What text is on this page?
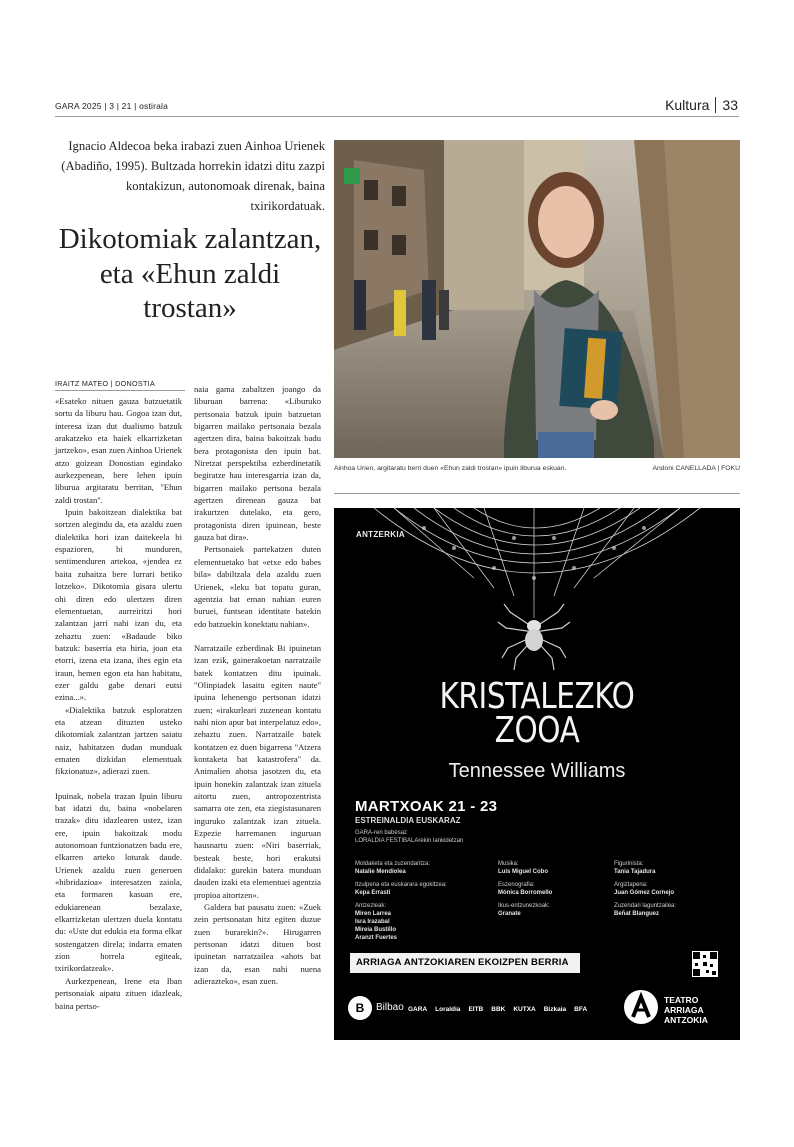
GARA 2025 | 3 | 21 | ostirala	Kultura 33
Ignacio Aldecoa beka irabazi zuen Ainhoa Urienek (Abadiño, 1995). Bultzada horrekin idatzi ditu zazpi kontakizun, autonomoak direnak, baina txirikordatuak.
Dikotomiak zalantzan, eta «Ehun zaldi trostan»
IRAITZ MATEO | DONOSTIA

«Esateko nituen gauza batzuetatik sortu da liburu hau. Gogoa izan dut, interesa izan dut dualismo batzuk arakatzeko eta haiek elkarrizketan jartzeko», esan zuen Ainhoa Urienek atzo goizean Donostian egindako aurkezpenean, bere lehen ipuin liburua argitaratu berritan, "Ehun zaldi trostan".

Ipuin bakoitzean dialektika bat sortzen alegindu da, eta azaldu zuen dialektika hori izan daitekeela bi espazioren, bi munduren, sentimenduren artekoa, «jendea ez baita zuhaitza bere lurrari betiko lotzeko». Dikotomia gisara ulertu ohi diren edo ulertzen diren elementuetan, aurreiritzi hori zalantzan jarri nahi izan du, eta zehaztu zuen: «Badaude biko batzuk: baserria eta hiria, joan eta etorri, izena eta izana, ihes egin eta iraun, hemen egon eta han habitatu, ezer galdu gabe denari eutsi ezina...».

«Dialektika batzuk esploratzen eta atzean dituzten usteko dikotomiak zalantzan jartzen saiatu naiz, habitatzen dudan munduak ematen dizkidan elementuak fikzionatuz», adierazi zuen.

Ipuinak, nobela trazan Ipuin liburu bat idatzi du, baina «nobelaren trazak» ditu idazlearen ustez, izan ere, ipuin bakoitzak modu autonomoan funtzionatzen badu ere, elkarren arteko loturak daude. Urienek azaldu zuen generoen «hibridazioa» interesatzen zaiola, eta formaren kasuan ere, edukiarenean bezalaxe, elkarrizketan ulertzen duela kontatu du: «Uste dut edukia eta forma elkar sostengatzen direla; indarra ematen zion horrela egiteak, txirikordatzeak».

Aurkezpenean, Irene eta Iban pertsonaiak aipatu zituen idazleak, baina pertso-

naia gama zabaltzen joango da liburuan barrena: «Liburuko pertsonaia batzuk ipuin batzuetan bigarren mailako pertsonaia bezala agertzen dira, baina bakoitzak badu bera protagonista den ipuin bat. Niretzat perspektiba ezberdinetatik begiratze hau interesgarria izan da, bigarren mailako pertsona bezala agertzen direnean gauza bat irakurtzen dutelako, eta gero, protagonista diren ipuinean, beste gauza bat dira».

Pertsonaiek partekatzen duten elementuetako bat «etxe edo babes bila» dabiltzala dela azaldu zuen Urienek, «leku bat topatu guran, agentzia bat eman nahian euren buruei, funtsean identitate batekin edo batzuekin konektatu nahian».

Narratzaile ezberdinak Bi ipuinetan izan ezik, gainerakoetan narratzaile batek kontatzen ditu ipuinak. "Olinpiadek lasaitu egiten naute" ipuina lehenengo pertsonan idatzi zuen; «irakurleari zuzenean kontatu nahi nion apur bat interpelatuz edo», zehaztu zuen. Narratzaile batek kontatzen ez duen bigarrena "Atzera kontaketa bat katastrofera" da. Animalien ahotsa jasotzen du, eta ipuin honekin zalantzak izan zituela aitortu zuen, antropozentrista samarra ote zen, eta ziegistasunaren inguruko zalantzak izan zituela. Ezpezie harremanen inguruan hausnartu zuen: «Niri baserriak, besteak beste, hori erakutsi didalako: gurekin batera munduan dauden izaki eta elementuei agentzia propioa aitortzen».

Galdera bat pausatu zuen: «Zuek zein pertsonatan hitz egiten duzue zuen burarekin?». Hirugarren pertsonan idatzi dituen bost ipuinetan narratzailea «ahots bat izan da, esan nahi nuena adierazteko», esan zuen.

Ainhoa Urien, argitaratu berri duen «Ehun zaldi trostan» ipuin liburua eskuan.	Andoni CANELLADA | FOKU
ANTZERKIA
KRISTALEZKO
ZOOA
Tennessee Williams
MARTXOAK 21 - 23
ESTREINALDIA EUSKARAZ
GARA-ren babesaz
LORALDIA FESTIBALArekin lankidetzan
Moldaketa eta zuzendaritza:
Natalie Mendiolea
Itzulpena eta euskarara egokitzea:
Kepa Errasti
Antzezleak:
Miren Larrea
Isra Irazabal
Mireia Bustillo
Aranzt Fuertes
Musika:
Luis Miguel Cobo
Eszenografia:
Mónica Borromello
Ikus-entzunezkoak:
Granate
Figurinista:
Tania Tajadura
Argiztapena:
Juan Gómez Cornejo
Zuzendari laguntzailea:
Beñat Blanguez
ARRIAGA ANTZOKIAREN EKOIZPEN BERRIA
B	Bilbao GARA Loraldia EITB BBK KUTXA Bizkaia BFA
TEATRO
ARRIAGA
ANTZOKIA
